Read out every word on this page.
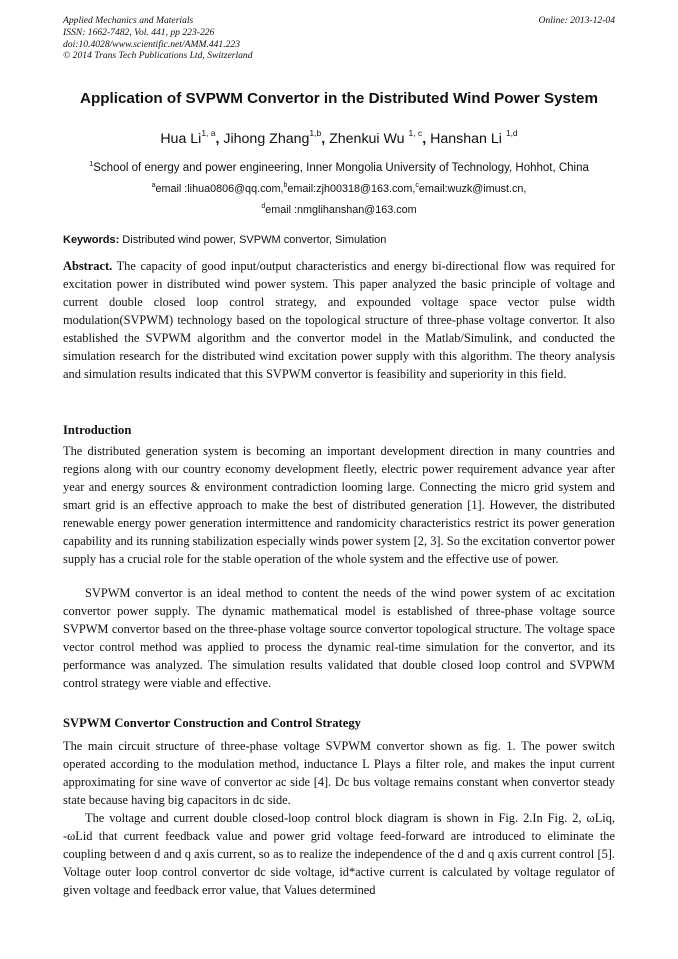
Applied Mechanics and Materials
ISSN: 1662-7482, Vol. 441, pp 223-226
doi:10.4028/www.scientific.net/AMM.441.223
© 2014 Trans Tech Publications Ltd, Switzerland
Online: 2013-12-04
Application of SVPWM Convertor in the Distributed Wind Power System
Hua Li$^{1, a}$, Jihong Zhang$^{1,b}$, Zhenkui Wu $^{1, c}$, Hanshan Li $^{1,d}$
$^1$School of energy and power engineering, Inner Mongolia University of Technology, Hohhot, China
$^a$email :lihua0806@qq.com,$^b$email:zjh00318@163.com,$^c$email:wuzk@imust.cn,
$^d$email :nmglihanshan@163.com
Keywords: Distributed wind power, SVPWM convertor, Simulation
Abstract. The capacity of good input/output characteristics and energy bi-directional flow was required for excitation power in distributed wind power system. This paper analyzed the basic principle of voltage and current double closed loop control strategy, and expounded voltage space vector pulse width modulation(SVPWM) technology based on the topological structure of three-phase voltage convertor. It also established the SVPWM algorithm and the convertor model in the Matlab/Simulink, and conducted the simulation research for the distributed wind excitation power supply with this algorithm. The theory analysis and simulation results indicated that this SVPWM convertor is feasibility and superiority in this field.
Introduction
The distributed generation system is becoming an important development direction in many countries and regions along with our country economy development fleetly, electric power requirement advance year after year and energy sources & environment contradiction looming large. Connecting the micro grid system and smart grid is an effective approach to make the best of distributed generation [1]. However, the distributed renewable energy power generation intermittence and randomicity characteristics restrict its power generation capability and its running stabilization especially winds power system [2, 3]. So the excitation convertor power supply has a crucial role for the stable operation of the whole system and the effective use of power.
SVPWM convertor is an ideal method to content the needs of the wind power system of ac excitation convertor power supply. The dynamic mathematical model is established of three-phase voltage source SVPWM convertor based on the three-phase voltage source convertor topological structure. The voltage space vector control method was applied to process the dynamic real-time simulation for the convertor, and its performance was analyzed. The simulation results validated that double closed loop control and SVPWM control strategy were viable and effective.
SVPWM Convertor Construction and Control Strategy
The main circuit structure of three-phase voltage SVPWM convertor shown as fig. 1. The power switch operated according to the modulation method, inductance L Plays a filter role, and makes the input current approximating for sine wave of convertor ac side [4]. Dc bus voltage remains constant when convertor steady state because having big capacitors in dc side.
The voltage and current double closed-loop control block diagram is shown in Fig. 2.In Fig. 2, ωLiq, -ωLid that current feedback value and power grid voltage feed-forward are introduced to eliminate the coupling between d and q axis current, so as to realize the independence of the d and q axis current control [5]. Voltage outer loop control convertor dc side voltage, id*active current is calculated by voltage regulator of given voltage and feedback error value, that Values determined
